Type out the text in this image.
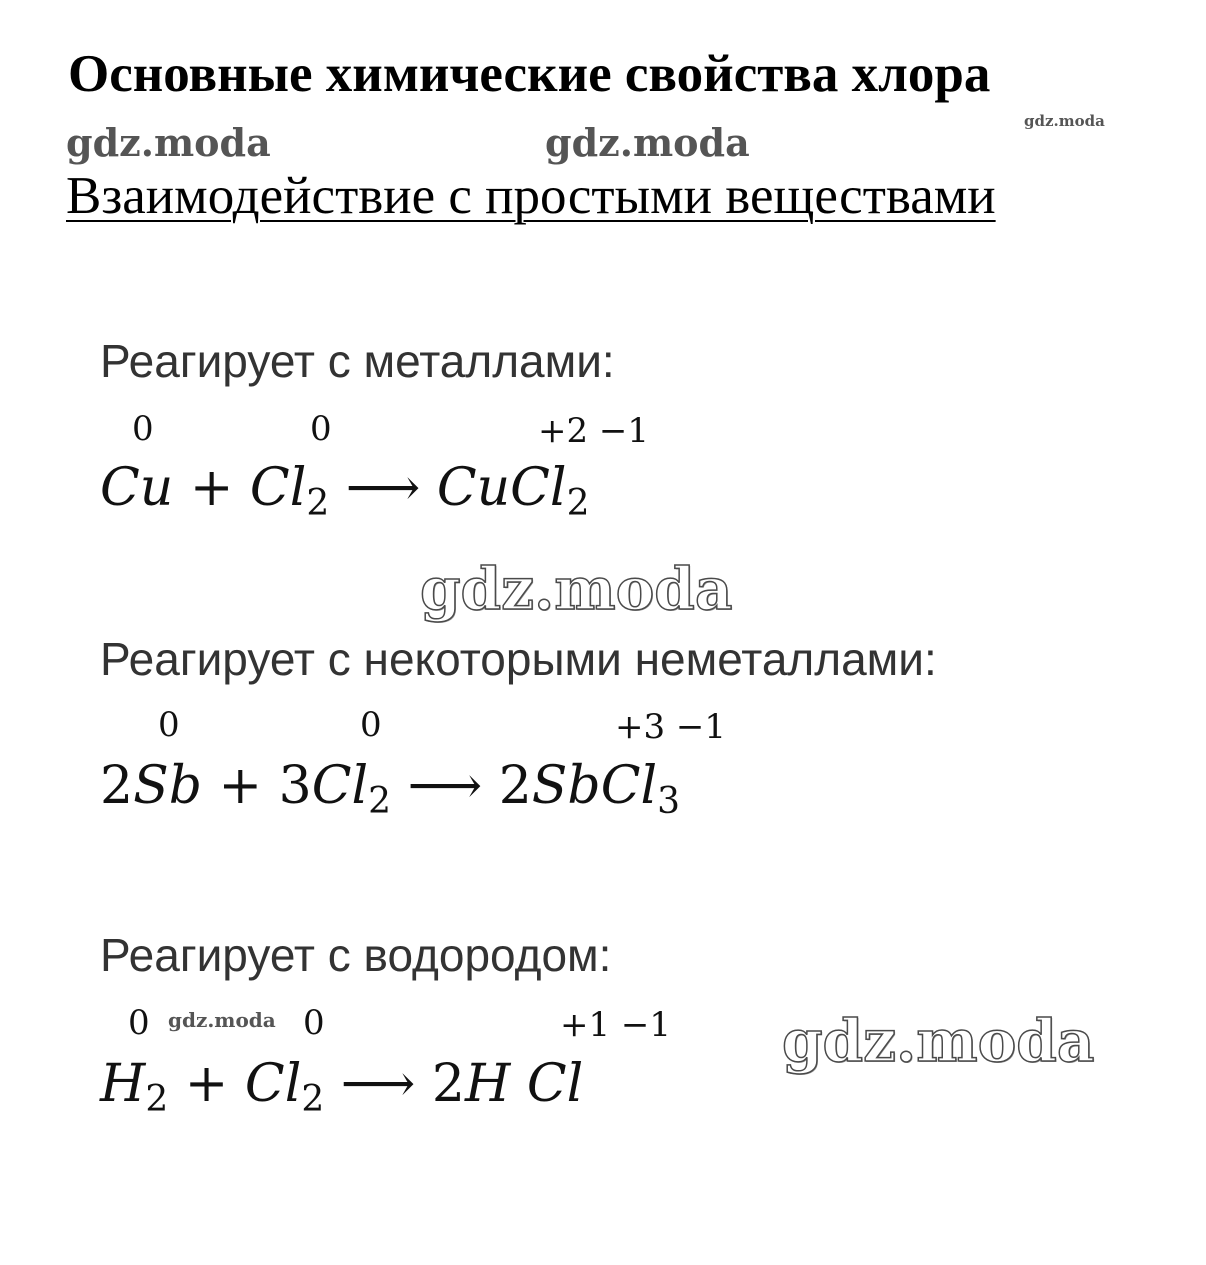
Основные химические свойства хлора
gdz.moda	gdz.moda	gdz.moda
Взаимодействие с простыми веществами
Реагирует с металлами:
0	0	+2 −1
$Cu + Cl_2$ ⟶ CuCl$_2$
gdz.moda
Реагирует с некоторыми неметаллами:
0	0	+3 −1
$2Sb + 3Cl_2$ ⟶ 2SbCl$_3$
Реагирует с водородом:
0 gdz.moda 0	+1 −1
$H_2 + Cl_2$ ⟶ 2H Cl
gdz.moda
